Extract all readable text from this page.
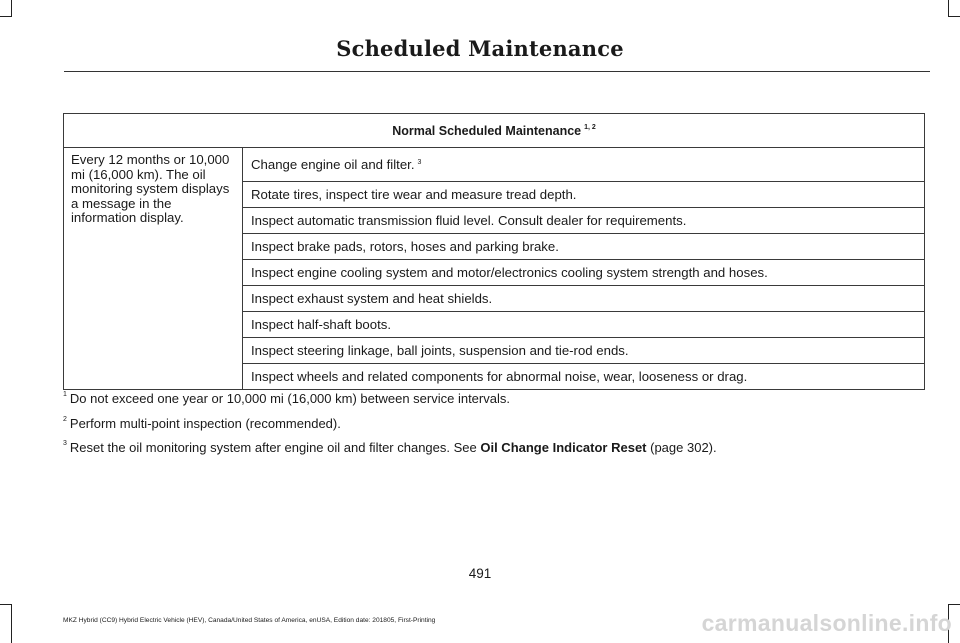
Scheduled Maintenance
Normal Scheduled Maintenance $^{1, 2}$
Every 12 months or 10,000 mi (16,000 km). The oil monitoring system displays a message in the information display.	Change engine oil and filter. $^3$
Rotate tires, inspect tire wear and measure tread depth.
Inspect automatic transmission fluid level. Consult dealer for requirements.
Inspect brake pads, rotors, hoses and parking brake.
Inspect engine cooling system and motor/electronics cooling system strength and hoses.
Inspect exhaust system and heat shields.
Inspect half-shaft boots.
Inspect steering linkage, ball joints, suspension and tie-rod ends.
Inspect wheels and related components for abnormal noise, wear, looseness or drag.
$^1$ Do not exceed one year or 10,000 mi (16,000 km) between service intervals.
$^2$ Perform multi-point inspection (recommended).
$^3$ Reset the oil monitoring system after engine oil and filter changes. See Oil Change Indicator Reset (page 302).
491
MKZ Hybrid (CC9) Hybrid Electric Vehicle (HEV), Canada/United States of America, enUSA, Edition date: 201805, First-Printing	carmanualsonline.info
